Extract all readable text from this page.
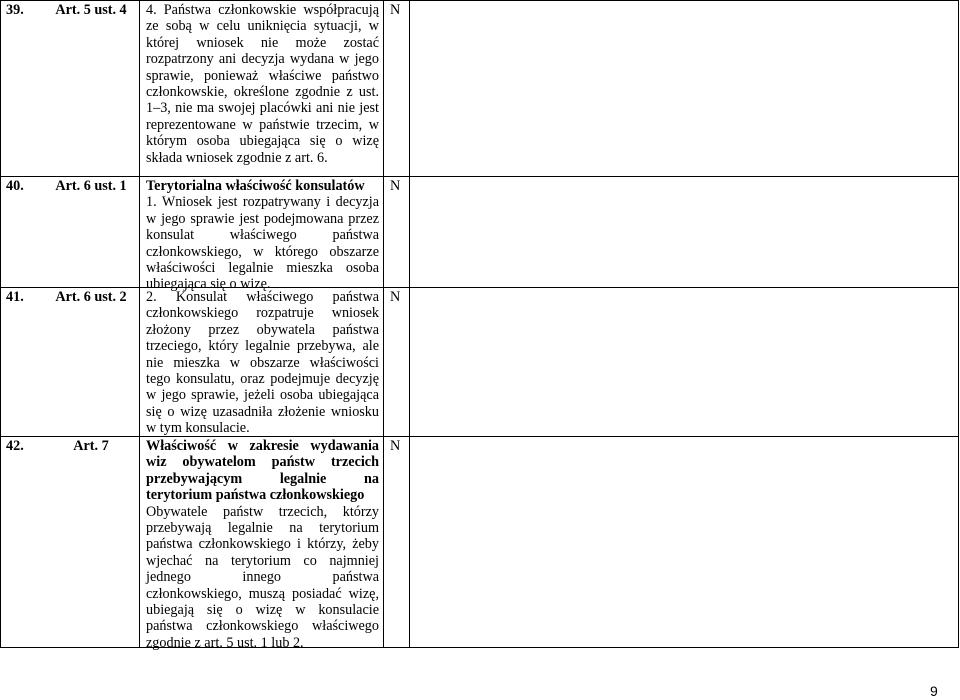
39.	Art. 5 ust. 4	4. Państwa członkowskie współpracują ze sobą w celu uniknięcia sytuacji, w której wniosek nie może zostać rozpatrzony ani decyzja wydana w jego sprawie, ponieważ właściwe państwo członkowskie, określone zgodnie z ust. 1–3, nie ma swojej placówki ani nie jest reprezentowane w państwie trzecim, w którym osoba ubiegająca się o wizę składa wniosek zgodnie z art. 6.

N
40.	Art. 6 ust. 1	Terytorialna właściwość konsulatów

1. Wniosek jest rozpatrywany i decyzja w jego sprawie jest podejmowana przez konsulat właściwego państwa członkowskiego, w którego obszarze właściwości legalnie mieszka osoba ubiegająca się o wizę.

N
41.	Art. 6 ust. 2	2. Konsulat właściwego państwa członkowskiego rozpatruje wniosek złożony przez obywatela państwa trzeciego, który legalnie przebywa, ale nie mieszka w obszarze właściwości tego konsulatu, oraz podejmuje decyzję w jego sprawie, jeżeli osoba ubiegająca się o wizę uzasadniła złożenie wniosku w tym konsulacie.

N
42.	Art. 7	Właściwość w zakresie wydawania wiz obywatelom państw trzecich przebywającym legalnie na terytorium państwa członkowskiego

Obywatele państw trzecich, którzy przebywają legalnie na terytorium państwa członkowskiego i którzy, żeby wjechać na terytorium co najmniej jednego innego państwa członkowskiego, muszą posiadać wizę, ubiegają się o wizę w konsulacie państwa członkowskiego właściwego zgodnie z art. 5 ust. 1 lub 2.

N
9
